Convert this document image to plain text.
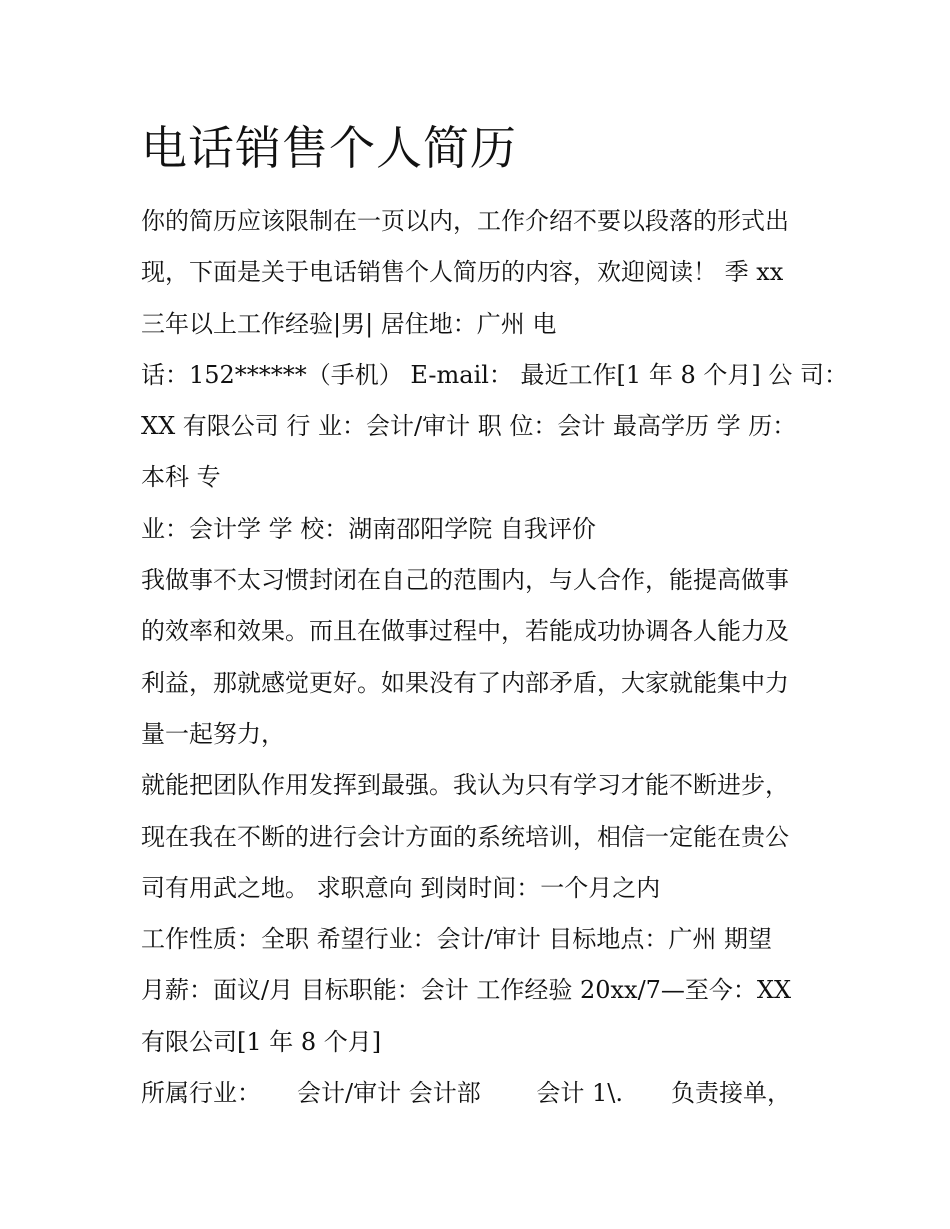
电话销售个人简历
你的简历应该限制在一页以内，工作介绍不要以段落的形式出
现，下面是关于电话销售个人简历的内容，欢迎阅读！ 季 xx
三年以上工作经验|男| 居住地：广州 电
话：152******（手机） E-mail： 最近工作[1 年 8 个月] 公 司：
XX 有限公司 行 业：会计/审计 职 位：会计 最高学历 学 历：
本科 专
业：会计学 学 校：湖南邵阳学院 自我评价
我做事不太习惯封闭在自己的范围内，与人合作，能提高做事
的效率和效果。而且在做事过程中，若能成功协调各人能力及
利益，那就感觉更好。如果没有了内部矛盾，大家就能集中力
量一起努力，
就能把团队作用发挥到最强。我认为只有学习才能不断进步，
现在我在不断的进行会计方面的系统培训，相信一定能在贵公
司有用武之地。 求职意向 到岗时间：一个月之内
工作性质：全职 希望行业：会计/审计 目标地点：广州 期望
月薪：面议/月 目标职能：会计 工作经验 20xx/7—至今：XX
有限公司[1 年 8 个月]
所属行业：　　会计/审计 会计部　　 会计 1\.　　负责接单，
